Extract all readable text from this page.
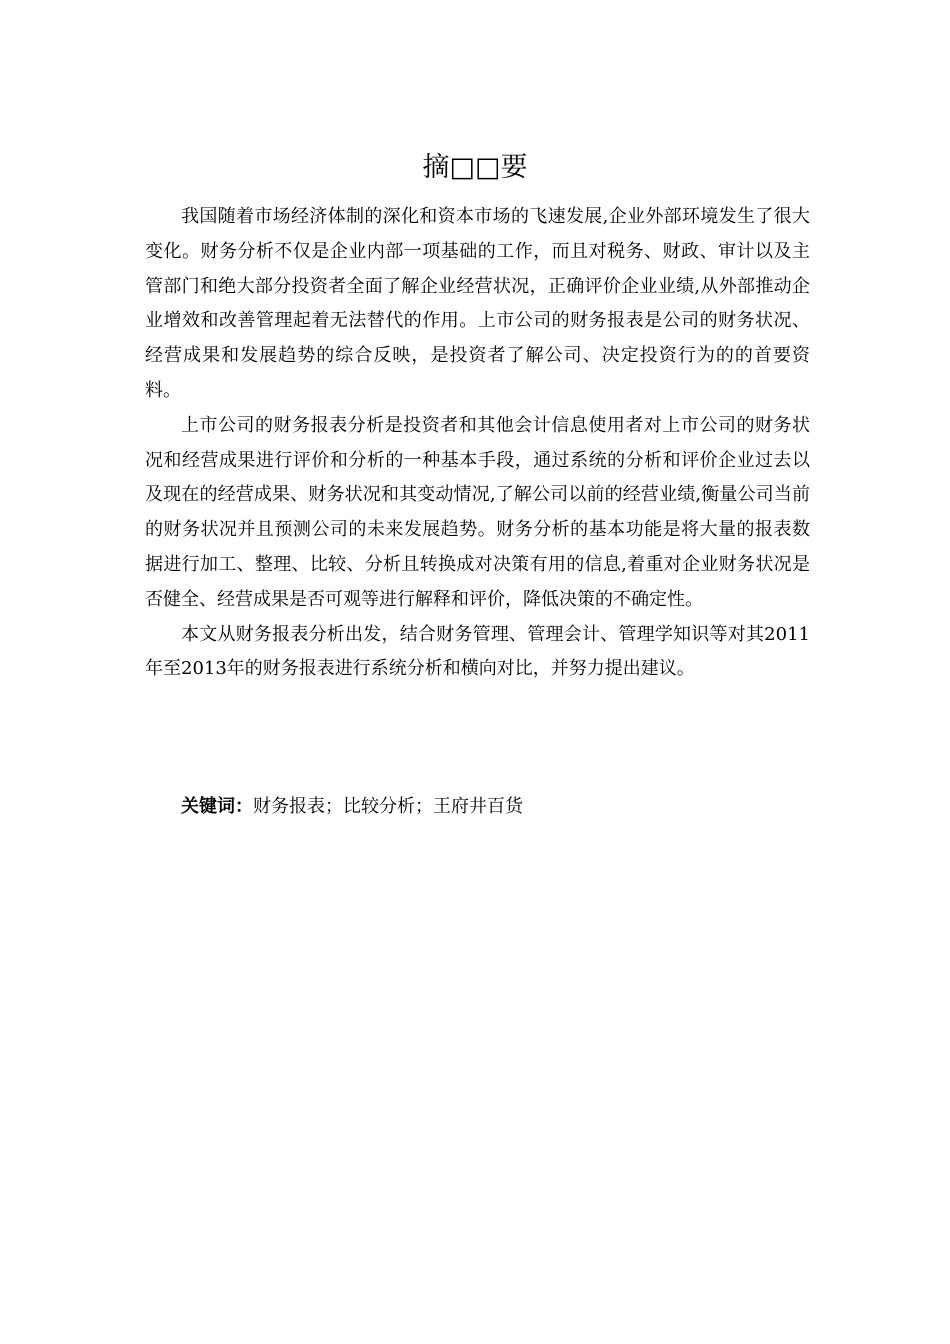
摘□□要

我国随着市场经济体制的深化和资本市场的飞速发展,企业外部环境发生了很大变化。财务分析不仅是企业内部一项基础的工作，而且对税务、财政、审计以及主管部门和绝大部分投资者全面了解企业经营状况，正确评价企业业绩,从外部推动企业增效和改善管理起着无法替代的作用。上市公司的财务报表是公司的财务状况、经营成果和发展趋势的综合反映，是投资者了解公司、决定投资行为的的首要资料。

上市公司的财务报表分析是投资者和其他会计信息使用者对上市公司的财务状况和经营成果进行评价和分析的一种基本手段，通过系统的分析和评价企业过去以及现在的经营成果、财务状况和其变动情况,了解公司以前的经营业绩,衡量公司当前的财务状况并且预测公司的未来发展趋势。财务分析的基本功能是将大量的报表数据进行加工、整理、比较、分析且转换成对决策有用的信息,着重对企业财务状况是否健全、经营成果是否可观等进行解释和评价，降低决策的不确定性。

本文从财务报表分析出发，结合财务管理、管理会计、管理学知识等对其2011年至2013年的财务报表进行系统分析和横向对比，并努力提出建议。

关键词：财务报表；比较分析；王府井百货
